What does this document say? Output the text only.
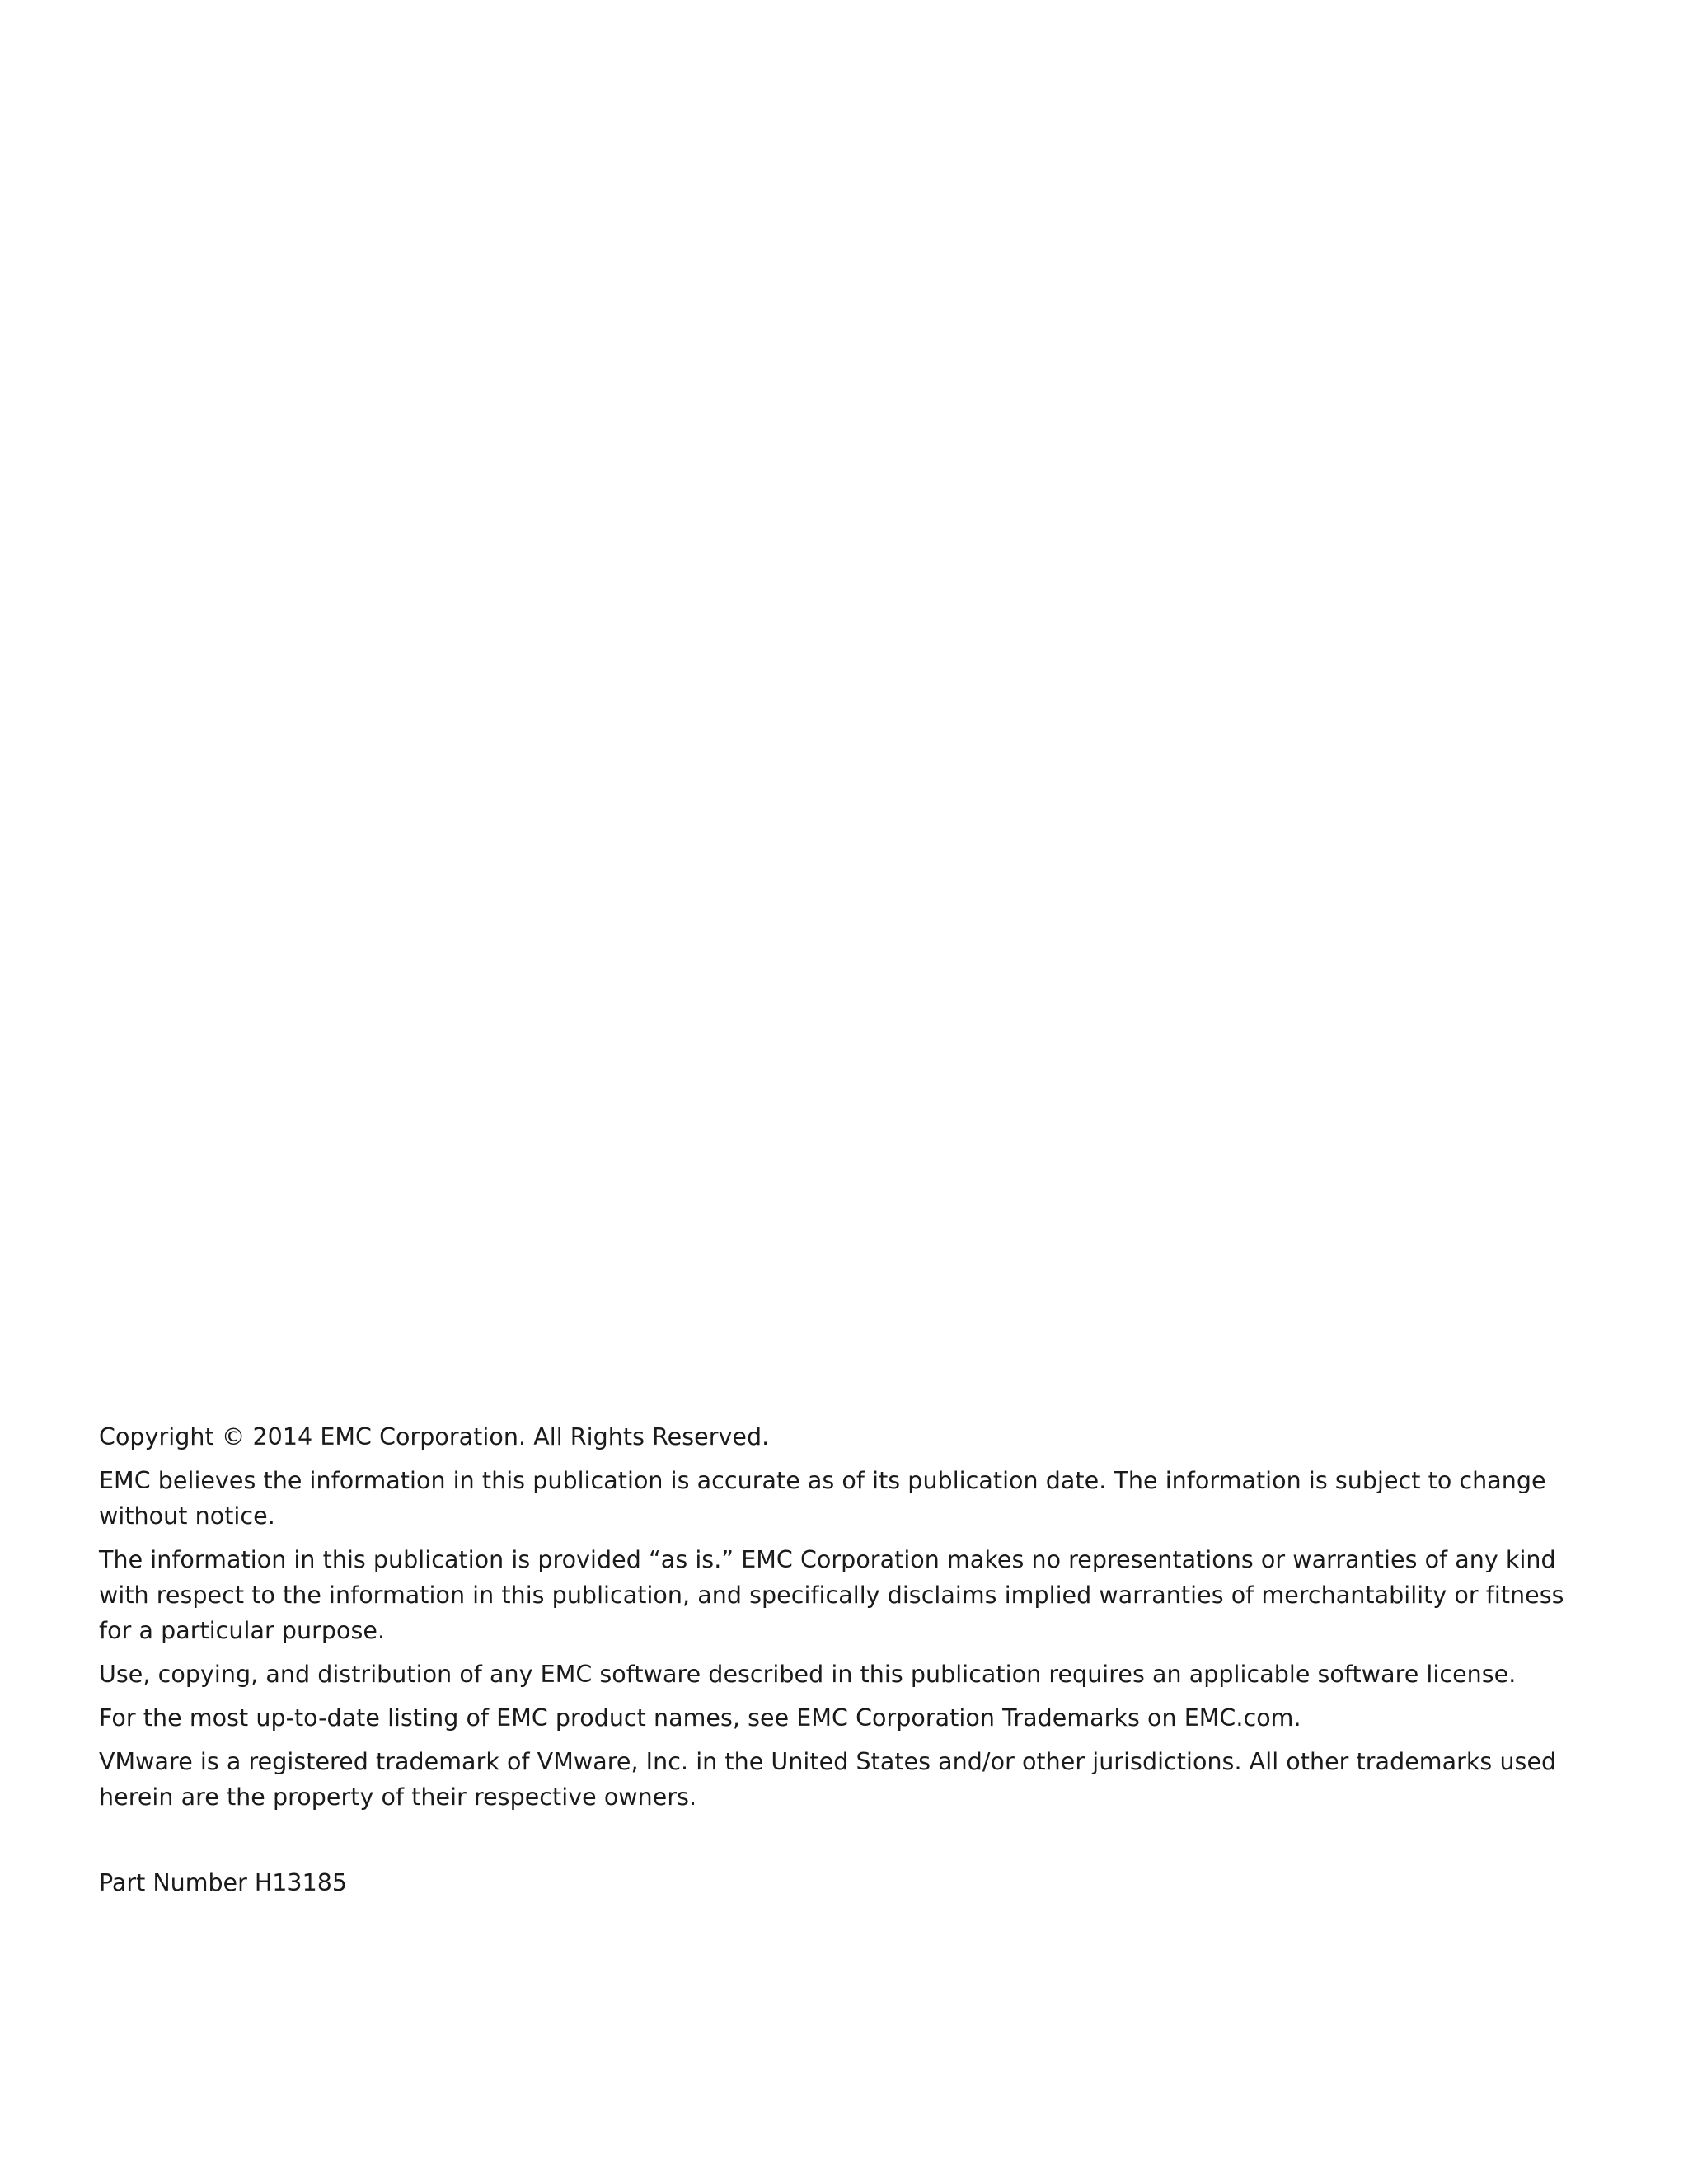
Copyright © 2014 EMC Corporation. All Rights Reserved.

EMC believes the information in this publication is accurate as of its publication date. The information is subject to change without notice.

The information in this publication is provided “as is.” EMC Corporation makes no representations or warranties of any kind with respect to the information in this publication, and specifically disclaims implied warranties of merchantability or fitness for a particular purpose.

Use, copying, and distribution of any EMC software described in this publication requires an applicable software license.

For the most up-to-date listing of EMC product names, see EMC Corporation Trademarks on EMC.com.

VMware is a registered trademark of VMware, Inc. in the United States and/or other jurisdictions. All other trademarks used herein are the property of their respective owners.

Part Number H13185
